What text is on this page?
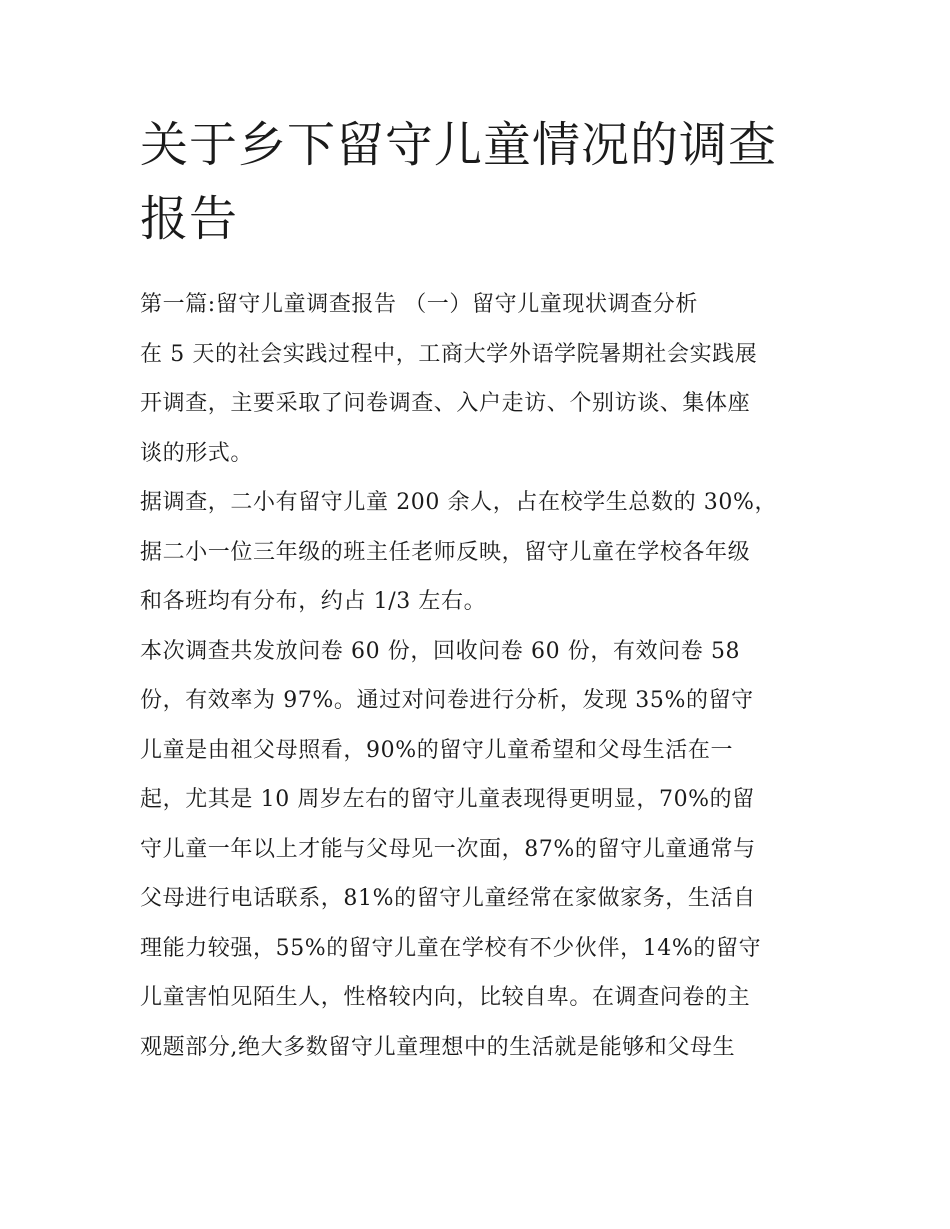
关于乡下留守儿童情况的调查
报告
第一篇:留守儿童调查报告 （一）留守儿童现状调查分析
在 5 天的社会实践过程中，工商大学外语学院暑期社会实践展
开调查，主要采取了问卷调查、入户走访、个别访谈、集体座
谈的形式。
据调查，二小有留守儿童 200 余人，占在校学生总数的 30%，
据二小一位三年级的班主任老师反映，留守儿童在学校各年级
和各班均有分布，约占 1/3 左右。
本次调查共发放问卷 60 份，回收问卷 60 份，有效问卷 58
份，有效率为 97%。通过对问卷进行分析，发现 35%的留守
儿童是由祖父母照看，90%的留守儿童希望和父母生活在一
起，尤其是 10 周岁左右的留守儿童表现得更明显，70%的留
守儿童一年以上才能与父母见一次面，87%的留守儿童通常与
父母进行电话联系，81%的留守儿童经常在家做家务，生活自
理能力较强，55%的留守儿童在学校有不少伙伴，14%的留守
儿童害怕见陌生人，性格较内向，比较自卑。在调查问卷的主
观题部分,绝大多数留守儿童理想中的生活就是能够和父母生
